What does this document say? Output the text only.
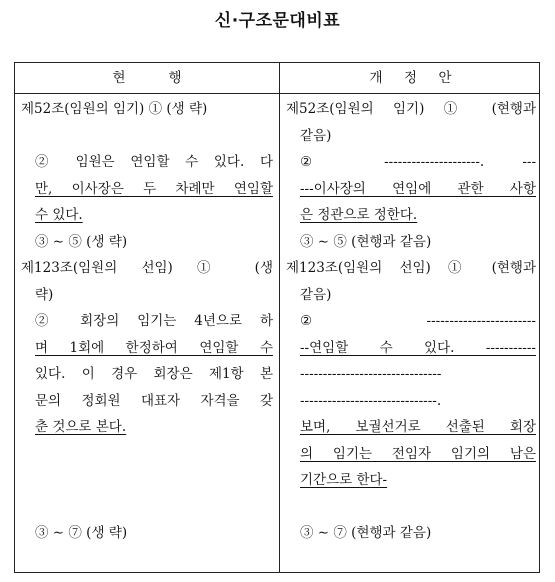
신·구조문대비표
현          행	개     정     안
제52조(임원의 임기) ① (생 략)
② 임원은 연임할 수 있다. 다
만, 이사장은 두 차례만 연임할
수 있다.
③ ∼ ⑤ (생 략)
제123조(임원의 선임) ① (생
략)
② 회장의 임기는 4년으로 하
며 1회에 한정하여 연임할 수
있다. 이 경우 회장은 제1항 본
문의 정회원 대표자 자격을 갖
춘 것으로 본다.
③ ∼ ⑦ (생 략)
제52조(임원의 임기) ① (현행과
같음)
② ---------------------. ---
---이사장의 연임에 관한 사항
은 정관으로 정한다.
③ ∼ ⑤ (현행과 같음)
제123조(임원의 선임) ① (현행과
같음)
② ------------------------
--연임할 수 있다. -----------
-------------------------------
------------------------------.
보며, 보궐선거로 선출된 회장
의 임기는 전임자 임기의 남은
기간으로 한다-
③ ∼ ⑦ (현행과 같음)
